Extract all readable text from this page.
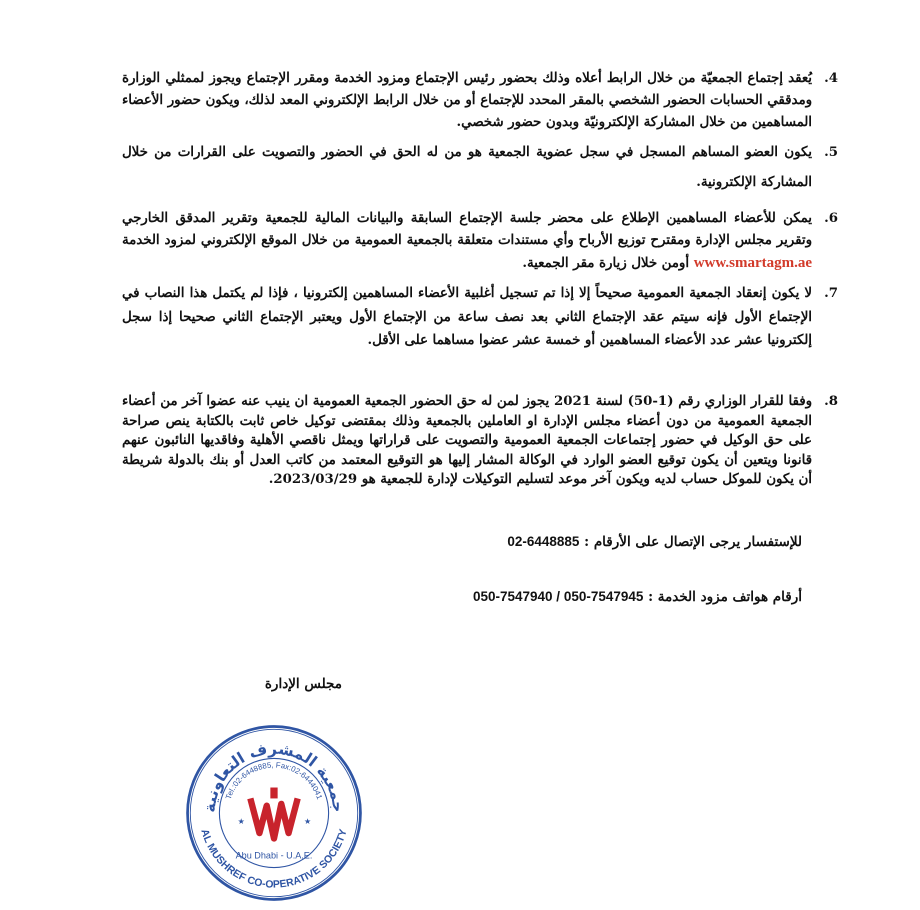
.4
يُعقد إجتماع الجمعيّة من خلال الرابط أعلاه وذلك بحضور رئيس الإجتماع ومزود الخدمة ومقرر الإجتماع ويجوز لممثلي الوزارة ومدققي الحسابات الحضور الشخصي بالمقر المحدد للإجتماع أو من خلال الرابط الإلكتروني المعد لذلك، ويكون حضور الأعضاء المساهمين من خلال المشاركة الإلكترونيّة وبدون حضور شخصي.
.5
يكون العضو المساهم المسجل في سجل عضوية الجمعية هو من له الحق في الحضور والتصويت على القرارات من خلال المشاركة الإلكترونية.
.6
يمكن للأعضاء المساهمين الإطلاع على محضر جلسة الإجتماع السابقة والبيانات المالية للجمعية وتقرير المدقق الخارجي وتقرير مجلس الإدارة ومقترح توزيع الأرباح وأي مستندات متعلقة بالجمعية العمومية من خلال الموقع الإلكتروني لمزود الخدمة www.smartagm.ae أومن خلال زيارة مقر الجمعية.
.7
لا يكون إنعقاد الجمعية العمومية صحيحاً إلا إذا تم تسجيل أغلبية الأعضاء المساهمين إلكترونيا ، فإذا لم يكتمل هذا النصاب في الإجتماع الأول فإنه سيتم عقد الإجتماع الثاني بعد نصف ساعة من الإجتماع الأول ويعتبر الإجتماع الثاني صحيحا إذا سجل إلكترونيا عشر عدد الأعضاء المساهمين أو خمسة عشر عضوا مساهما على الأقل.
.8
وفقا للقرار الوزاري رقم (1-50) لسنة 2021 يجوز لمن له حق الحضور الجمعية العمومية ان ينيب عنه عضوا آخر من أعضاء الجمعية العمومية من دون أعضاء مجلس الإدارة او العاملين بالجمعية وذلك بمقتضى توكيل خاص ثابت بالكتابة ينص صراحة على حق الوكيل في حضور إجتماعات الجمعية العمومية والتصويت على قراراتها ويمثل ناقصي الأهلية وفاقديها النائبون عنهم قانونا ويتعين أن يكون توقيع العضو الوارد في الوكالة المشار إليها هو التوقيع المعتمد من كاتب العدل أو بنك بالدولة شريطة أن يكون للموكل حساب لديه ويكون آخر موعد لتسليم التوكيلات لإدارة للجمعية هو 2023/03/29.
للإستفسار يرجى الإتصال على الأرقام : 02-6448885
أرقام هواتف مزود الخدمة : 050-7547940 / 050-7547945
مجلس الإدارة
جمعية المشرف التعاونية
AL MUSHREF CO-OPERATIVE SOCIETY
Tel.:02-6448885, Fax:02-6444041
Abu Dhabi - U.A.E.
★	★
